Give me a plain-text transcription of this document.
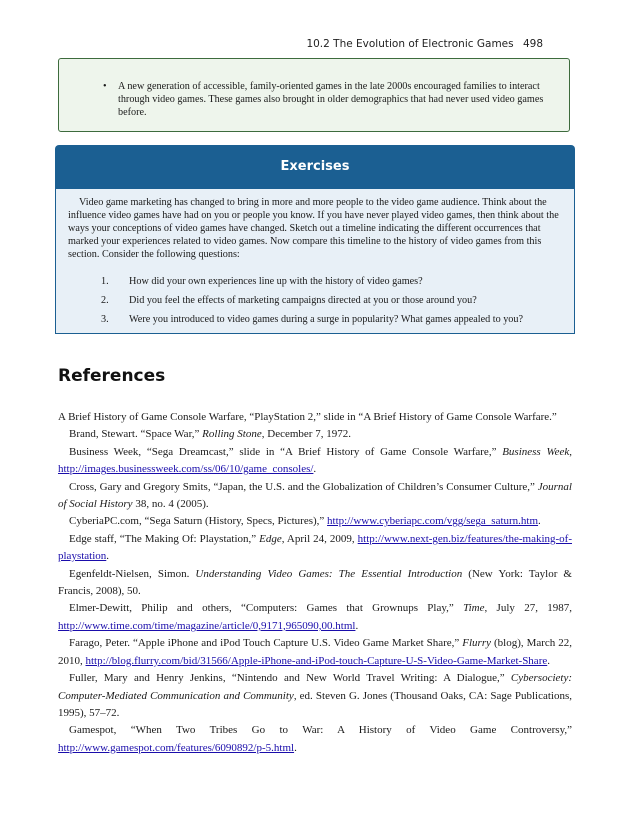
10.2 The Evolution of Electronic Games 498
• A new generation of accessible, family-oriented games in the late 2000s encouraged families to interact through video games. These games also brought in older demographics that had never used video games before.
Exercises
Video game marketing has changed to bring in more and more people to the video game audience. Think about the influence video games have had on you or people you know. If you have never played video games, then think about the ways your conceptions of video games have changed. Sketch out a timeline indicating the different occurrences that marked your experiences related to video games. Now compare this timeline to the history of video games from this section. Consider the following questions:
1. How did your own experiences line up with the history of video games?
2. Did you feel the effects of marketing campaigns directed at you or those around you?
3. Were you introduced to video games during a surge in popularity? What games appealed to you?
References

A Brief History of Game Console Warfare, “PlayStation 2,” slide in “A Brief History of Game Console Warfare.”

Brand, Stewart. “Space War,” Rolling Stone, December 7, 1972.

Business Week, “Sega Dreamcast,” slide in “A Brief History of Game Console Warfare,” Business Week, http://images.businessweek.com/ss/06/10/game_consoles/.

Cross, Gary and Gregory Smits, “Japan, the U.S. and the Globalization of Children’s Consumer Culture,” Journal of Social History 38, no. 4 (2005).

CyberiaPC.com, “Sega Saturn (History, Specs, Pictures),” http://www.cyberiapc.com/vgg/sega_saturn.htm.

Edge staff, “The Making Of: Playstation,” Edge, April 24, 2009, http://www.next-gen.biz/features/the-making-of-playstation.

Egenfeldt-Nielsen, Simon. Understanding Video Games: The Essential Introduction (New York: Taylor & Francis, 2008), 50.

Elmer-Dewitt, Philip and others, “Computers: Games that Grownups Play,” Time, July 27, 1987, http://www.time.com/time/magazine/article/0,9171,965090,00.html.

Farago, Peter. “Apple iPhone and iPod Touch Capture U.S. Video Game Market Share,” Flurry (blog), March 22, 2010, http://blog.flurry.com/bid/31566/Apple-iPhone-and-iPod-touch-Capture-U-S-Video-Game-Market-Share.

Fuller, Mary and Henry Jenkins, “Nintendo and New World Travel Writing: A Dialogue,” Cybersociety: Computer-Mediated Communication and Community, ed. Steven G. Jones (Thousand Oaks, CA: Sage Publications, 1995), 57–72.

Gamespot, “When Two Tribes Go to War: A History of Video Game Controversy,” http://www.gamespot.com/features/6090892/p-5.html.
